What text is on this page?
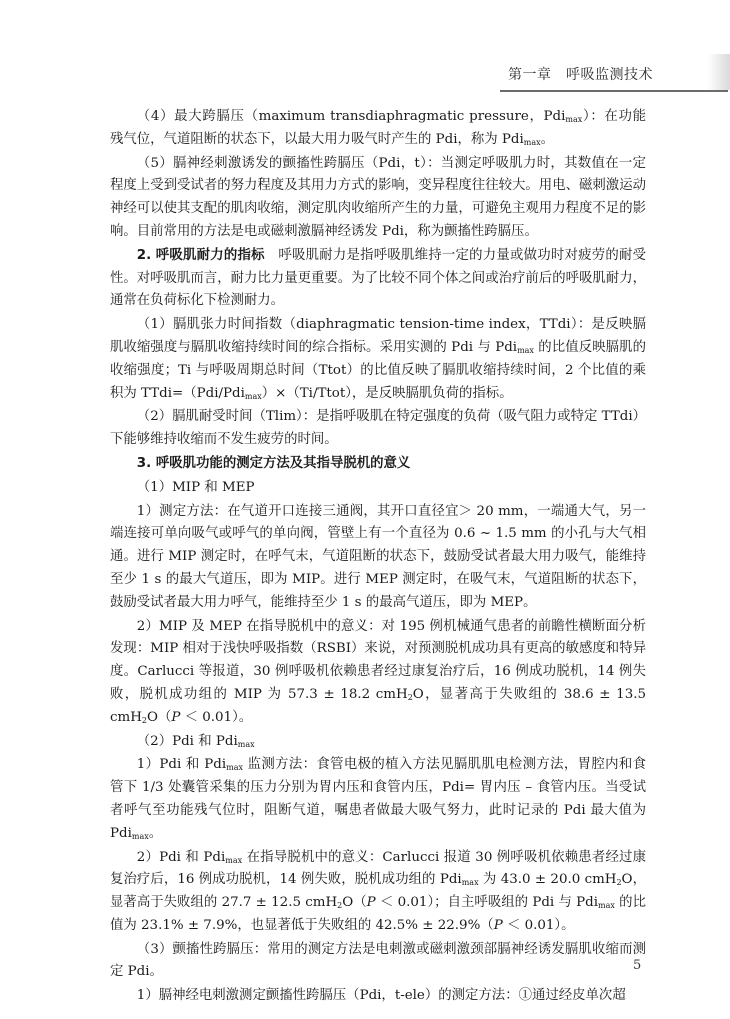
第一章　呼吸监测技术

（4）最大跨膈压（maximum transdiaphragmatic pressure，Pdi$_{max}$）：在功能残气位，气道阻断的状态下，以最大用力吸气时产生的 Pdi，称为 Pdi$_{max}$。

（5）膈神经刺激诱发的颤搐性跨膈压（Pdi，t）：当测定呼吸肌力时，其数值在一定程度上受到受试者的努力程度及其用力方式的影响，变异程度往往较大。用电、磁刺激运动神经可以使其支配的肌肉收缩，测定肌肉收缩所产生的力量，可避免主观用力程度不足的影响。目前常用的方法是电或磁刺激膈神经诱发 Pdi，称为颤搐性跨膈压。

2. 呼吸肌耐力的指标　 呼吸肌耐力是指呼吸肌维持一定的力量或做功时对疲劳的耐受性。对呼吸肌而言，耐力比力量更重要。为了比较不同个体之间或治疗前后的呼吸肌耐力，通常在负荷标化下检测耐力。

（1）膈肌张力时间指数（diaphragmatic tension-time index，TTdi）：是反映膈肌收缩强度与膈肌收缩持续时间的综合指标。采用实测的 Pdi 与 Pdi$_{max}$ 的比值反映膈肌的收缩强度；Ti 与呼吸周期总时间（Ttot）的比值反映了膈肌收缩持续时间，2 个比值的乘积为 TTdi=（Pdi/Pdi$_{max}$）×（Ti/Ttot），是反映膈肌负荷的指标。

（2）膈肌耐受时间（Tlim）：是指呼吸肌在特定强度的负荷（吸气阻力或特定 TTdi）下能够维持收缩而不发生疲劳的时间。

3. 呼吸肌功能的测定方法及其指导脱机的意义

（1）MIP 和 MEP

1）测定方法：在气道开口连接三通阀，其开口直径宜＞ 20 mm，一端通大气，另一端连接可单向吸气或呼气的单向阀，管壁上有一个直径为 0.6 ~ 1.5 mm 的小孔与大气相通。进行 MIP 测定时，在呼气末，气道阻断的状态下，鼓励受试者最大用力吸气，能维持至少 1 s 的最大气道压，即为 MIP。进行 MEP 测定时，在吸气末，气道阻断的状态下，鼓励受试者最大用力呼气，能维持至少 1 s 的最高气道压，即为 MEP。

2）MIP 及 MEP 在指导脱机中的意义：对 195 例机械通气患者的前瞻性横断面分析发现：MIP 相对于浅快呼吸指数（RSBI）来说，对预测脱机成功具有更高的敏感度和特异度。Carlucci 等报道，30 例呼吸机依赖患者经过康复治疗后，16 例成功脱机，14 例失败，脱机成功组的 MIP 为 57.3 ± 18.2 cmH$_2$O，显著高于失败组的 38.6 ± 13.5 cmH$_2$O（P ＜ 0.01）。

（2）Pdi 和 Pdi$_{max}$

1）Pdi 和 Pdi$_{max}$ 监测方法：食管电极的植入方法见膈肌肌电检测方法，胃腔内和食管下 1/3 处囊管采集的压力分别为胃内压和食管内压，Pdi= 胃内压 – 食管内压。当受试者呼气至功能残气位时，阻断气道，嘱患者做最大吸气努力，此时记录的 Pdi 最大值为 Pdi$_{max}$。

2）Pdi 和 Pdi$_{max}$ 在指导脱机中的意义：Carlucci 报道 30 例呼吸机依赖患者经过康复治疗后，16 例成功脱机，14 例失败，脱机成功组的 Pdi$_{max}$ 为 43.0 ± 20.0 cmH$_2$O，显著高于失败组的 27.7 ± 12.5 cmH$_2$O（P ＜ 0.01）；自主呼吸组的 Pdi 与 Pdi$_{max}$ 的比值为 23.1% ± 7.9%，也显著低于失败组的 42.5% ± 22.9%（P ＜ 0.01）。

（3）颤搐性跨膈压：常用的测定方法是电刺激或磁刺激颈部膈神经诱发膈肌收缩而测定 Pdi。

1）膈神经电刺激测定颤搐性跨膈压（Pdi，t-ele）的测定方法：①通过经皮单次超

5
